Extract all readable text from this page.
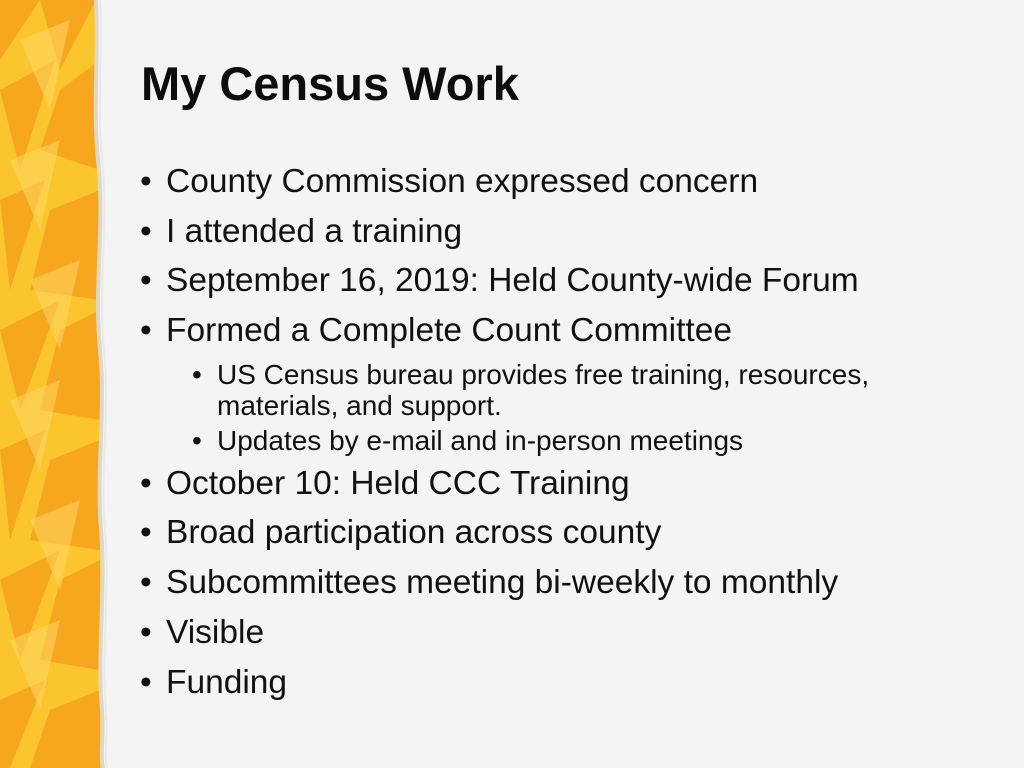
My Census Work
• County Commission expressed concern
• I attended a training
• September 16, 2019: Held County-wide Forum
• Formed a Complete Count Committee
• US Census bureau provides free training, resources,
materials, and support.
• Updates by e-mail and in-person meetings
• October 10: Held CCC Training
• Broad participation across county
• Subcommittees meeting bi-weekly to monthly
• Visible
• Funding
